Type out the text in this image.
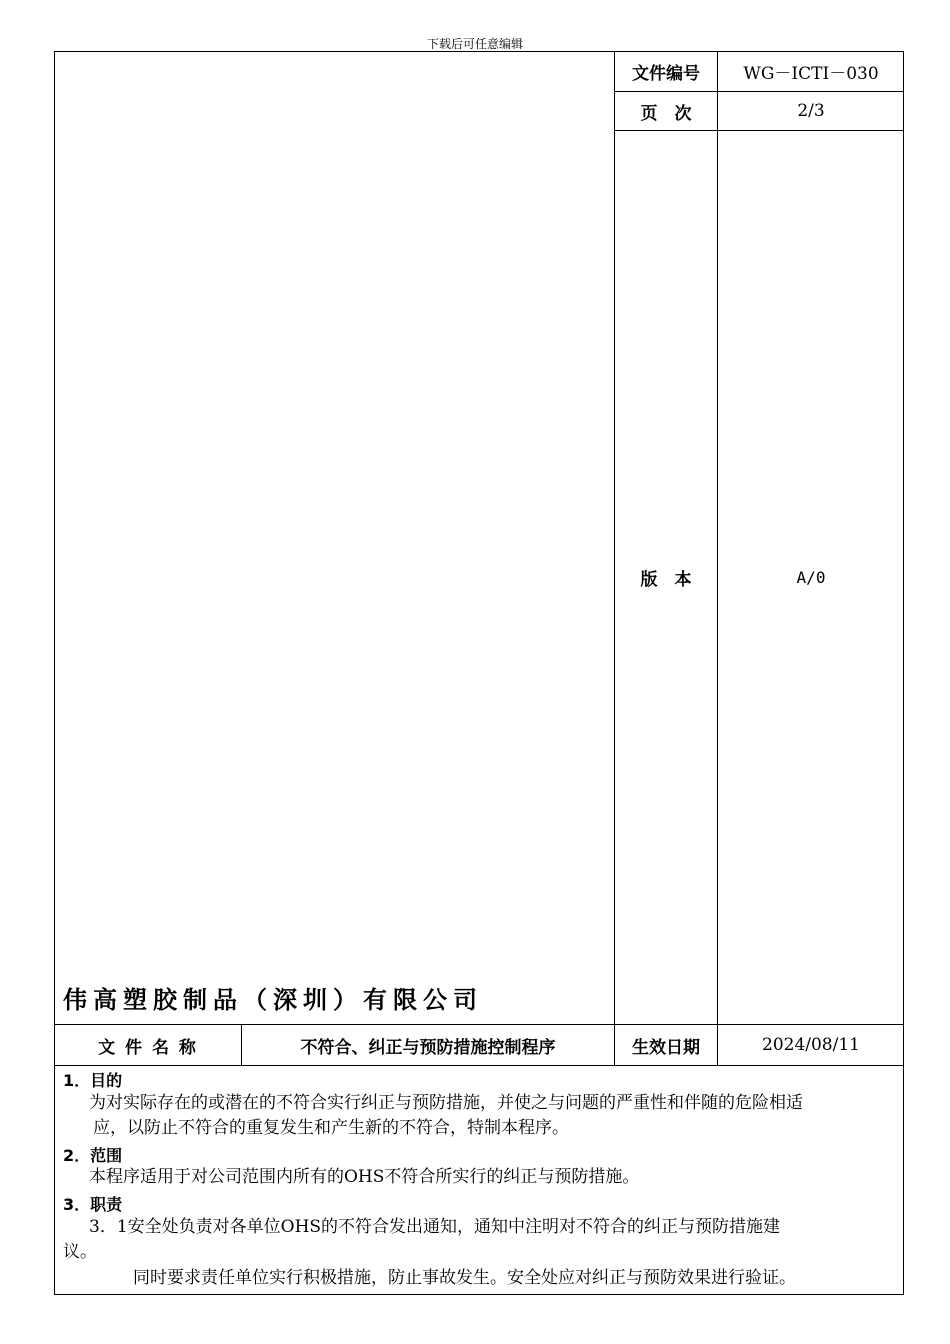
下载后可任意编辑
文件编号	WG－ICTI－030
页　次	2/3
版　本	A/0
伟高塑胶制品（深圳）有限公司
文 件 名 称	不符合、纠正与预防措施控制程序	生效日期	2024/08/11
1．目的
为对实际存在的或潜在的不符合实行纠正与预防措施，并使之与问题的严重性和伴随的危险相适
应，以防止不符合的重复发生和产生新的不符合，特制本程序。
2．范围
本程序适用于对公司范围内所有的OHS不符合所实行的纠正与预防措施。
3．职责
3．1安全处负责对各单位OHS的不符合发出通知，通知中注明对不符合的纠正与预防措施建
议。
同时要求责任单位实行积极措施，防止事故发生。安全处应对纠正与预防效果进行验证。
